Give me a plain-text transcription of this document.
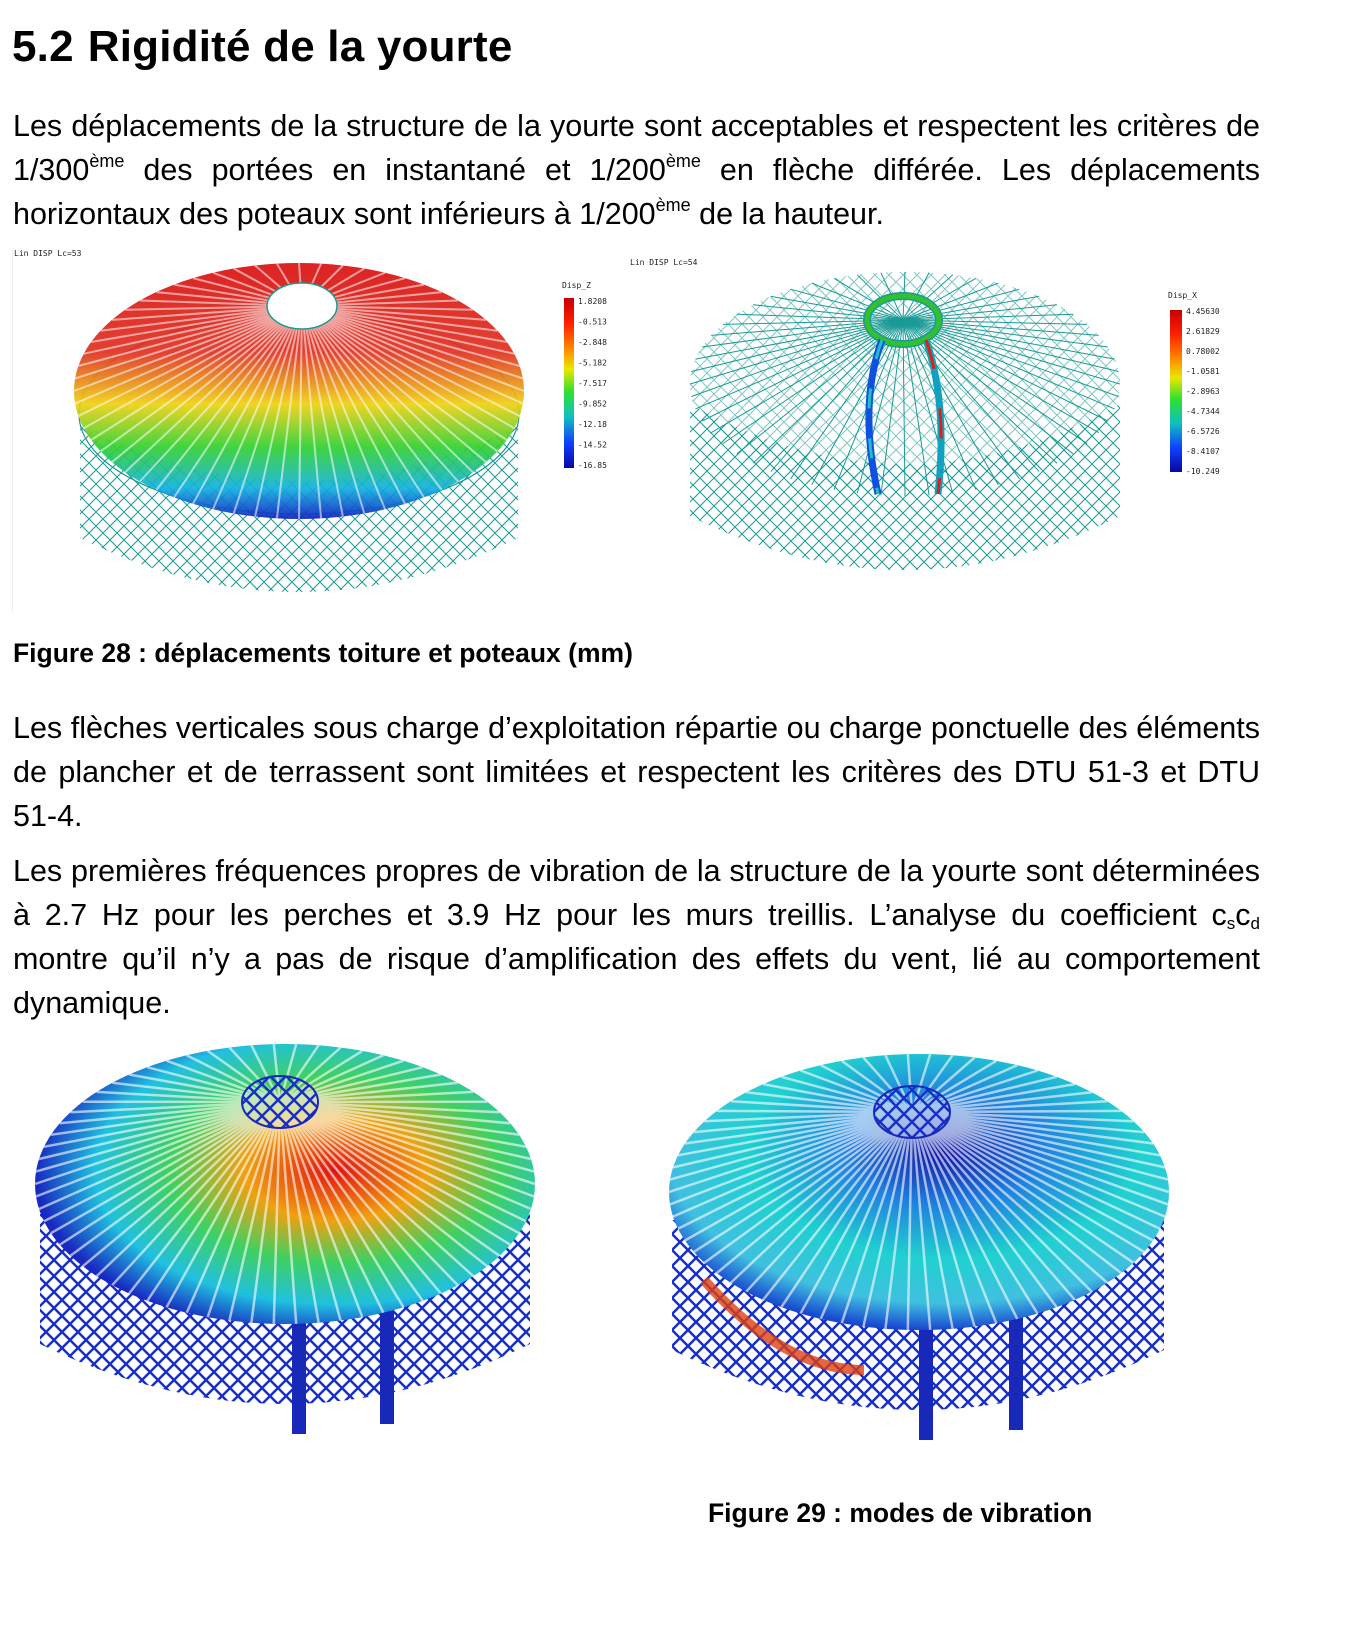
5.2 Rigidité de la yourte

Les déplacements de la structure de la yourte sont acceptables et respectent les critères de 1/300ème des portées en instantané et 1/200ème en flèche différée. Les déplacements horizontaux des poteaux sont inférieurs à 1/200ème de la hauteur.

Lin DISP Lc=53
Disp_Z
1.8208
-0.513
-2.848
-5.182
-7.517
-9.852
-12.18
-14.52
-16.85
Lin DISP Lc=54
Disp_X
4.45630
2.61829
0.78002
-1.0581
-2.8963
-4.7344
-6.5726
-8.4107
-10.249

Figure 28 : déplacements toiture et poteaux (mm)

Les flèches verticales sous charge d’exploitation répartie ou charge ponctuelle des éléments de plancher et de terrassent sont limitées et respectent les critères des DTU 51-3 et DTU 51-4.

Les premières fréquences propres de vibration de la structure de la yourte sont déterminées à 2.7 Hz pour les perches et 3.9 Hz pour les murs treillis. L’analyse du coefficient $c_sc_d$ montre qu’il n’y a pas de risque d’amplification des effets du vent, lié au comportement dynamique.

Figure 29 : modes de vibration
